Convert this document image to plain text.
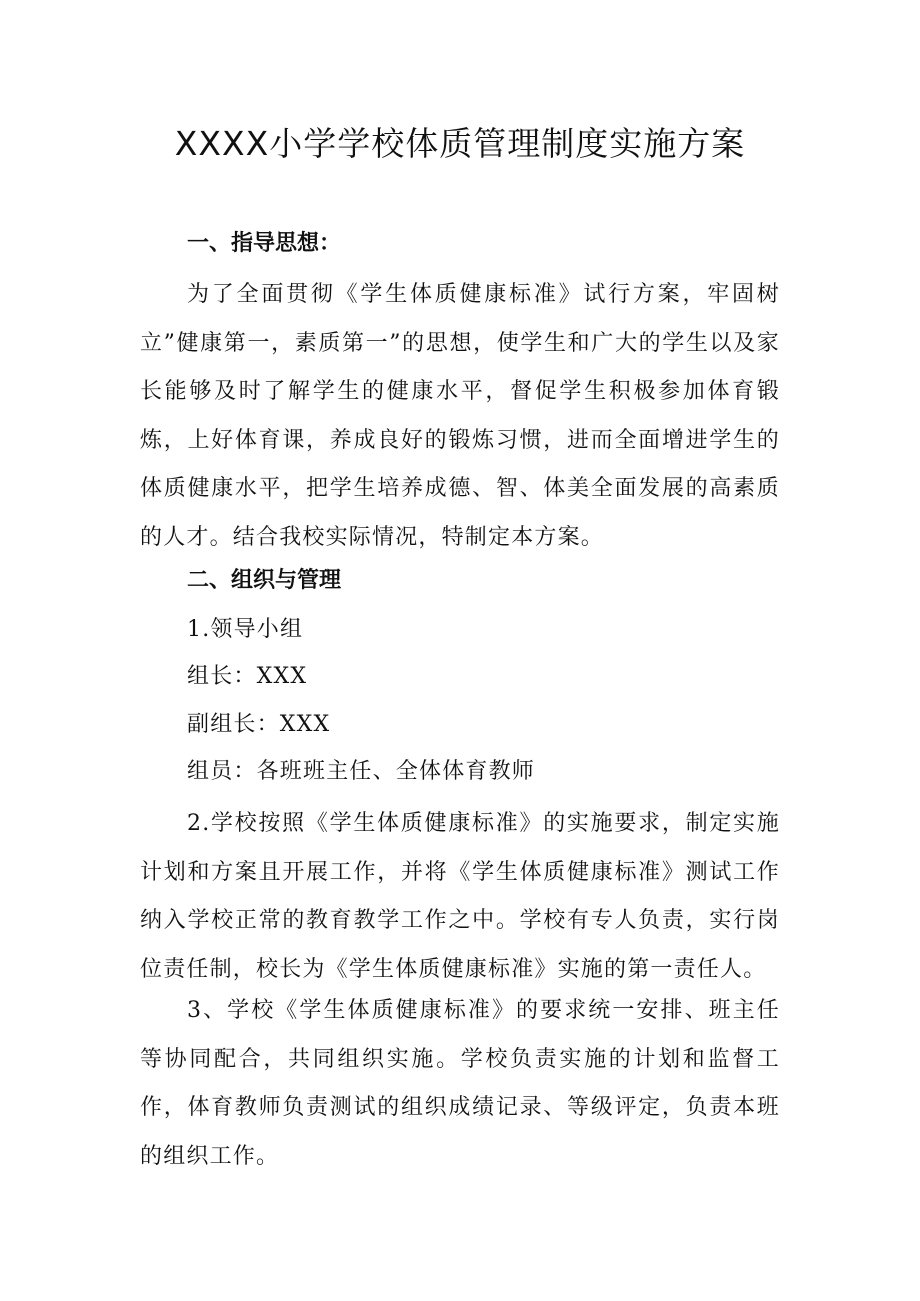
XXXX小学学校体质管理制度实施方案
一、指导思想：

为了全面贯彻《学生体质健康标准》试行方案，牢固树立”健康第一，素质第一”的思想，使学生和广大的学生以及家长能够及时了解学生的健康水平，督促学生积极参加体育锻炼，上好体育课，养成良好的锻炼习惯，进而全面增进学生的体质健康水平，把学生培养成德、智、体美全面发展的高素质的人才。结合我校实际情况，特制定本方案。

二、组织与管理
1.领导小组
组长：XXX
副组长：XXX
组员：各班班主任、全体体育教师

2.学校按照《学生体质健康标准》的实施要求，制定实施计划和方案且开展工作，并将《学生体质健康标准》测试工作纳入学校正常的教育教学工作之中。学校有专人负责，实行岗位责任制，校长为《学生体质健康标准》实施的第一责任人。

3、学校《学生体质健康标准》的要求统一安排、班主任等协同配合，共同组织实施。学校负责实施的计划和监督工作，体育教师负责测试的组织成绩记录、等级评定，负责本班的组织工作。
